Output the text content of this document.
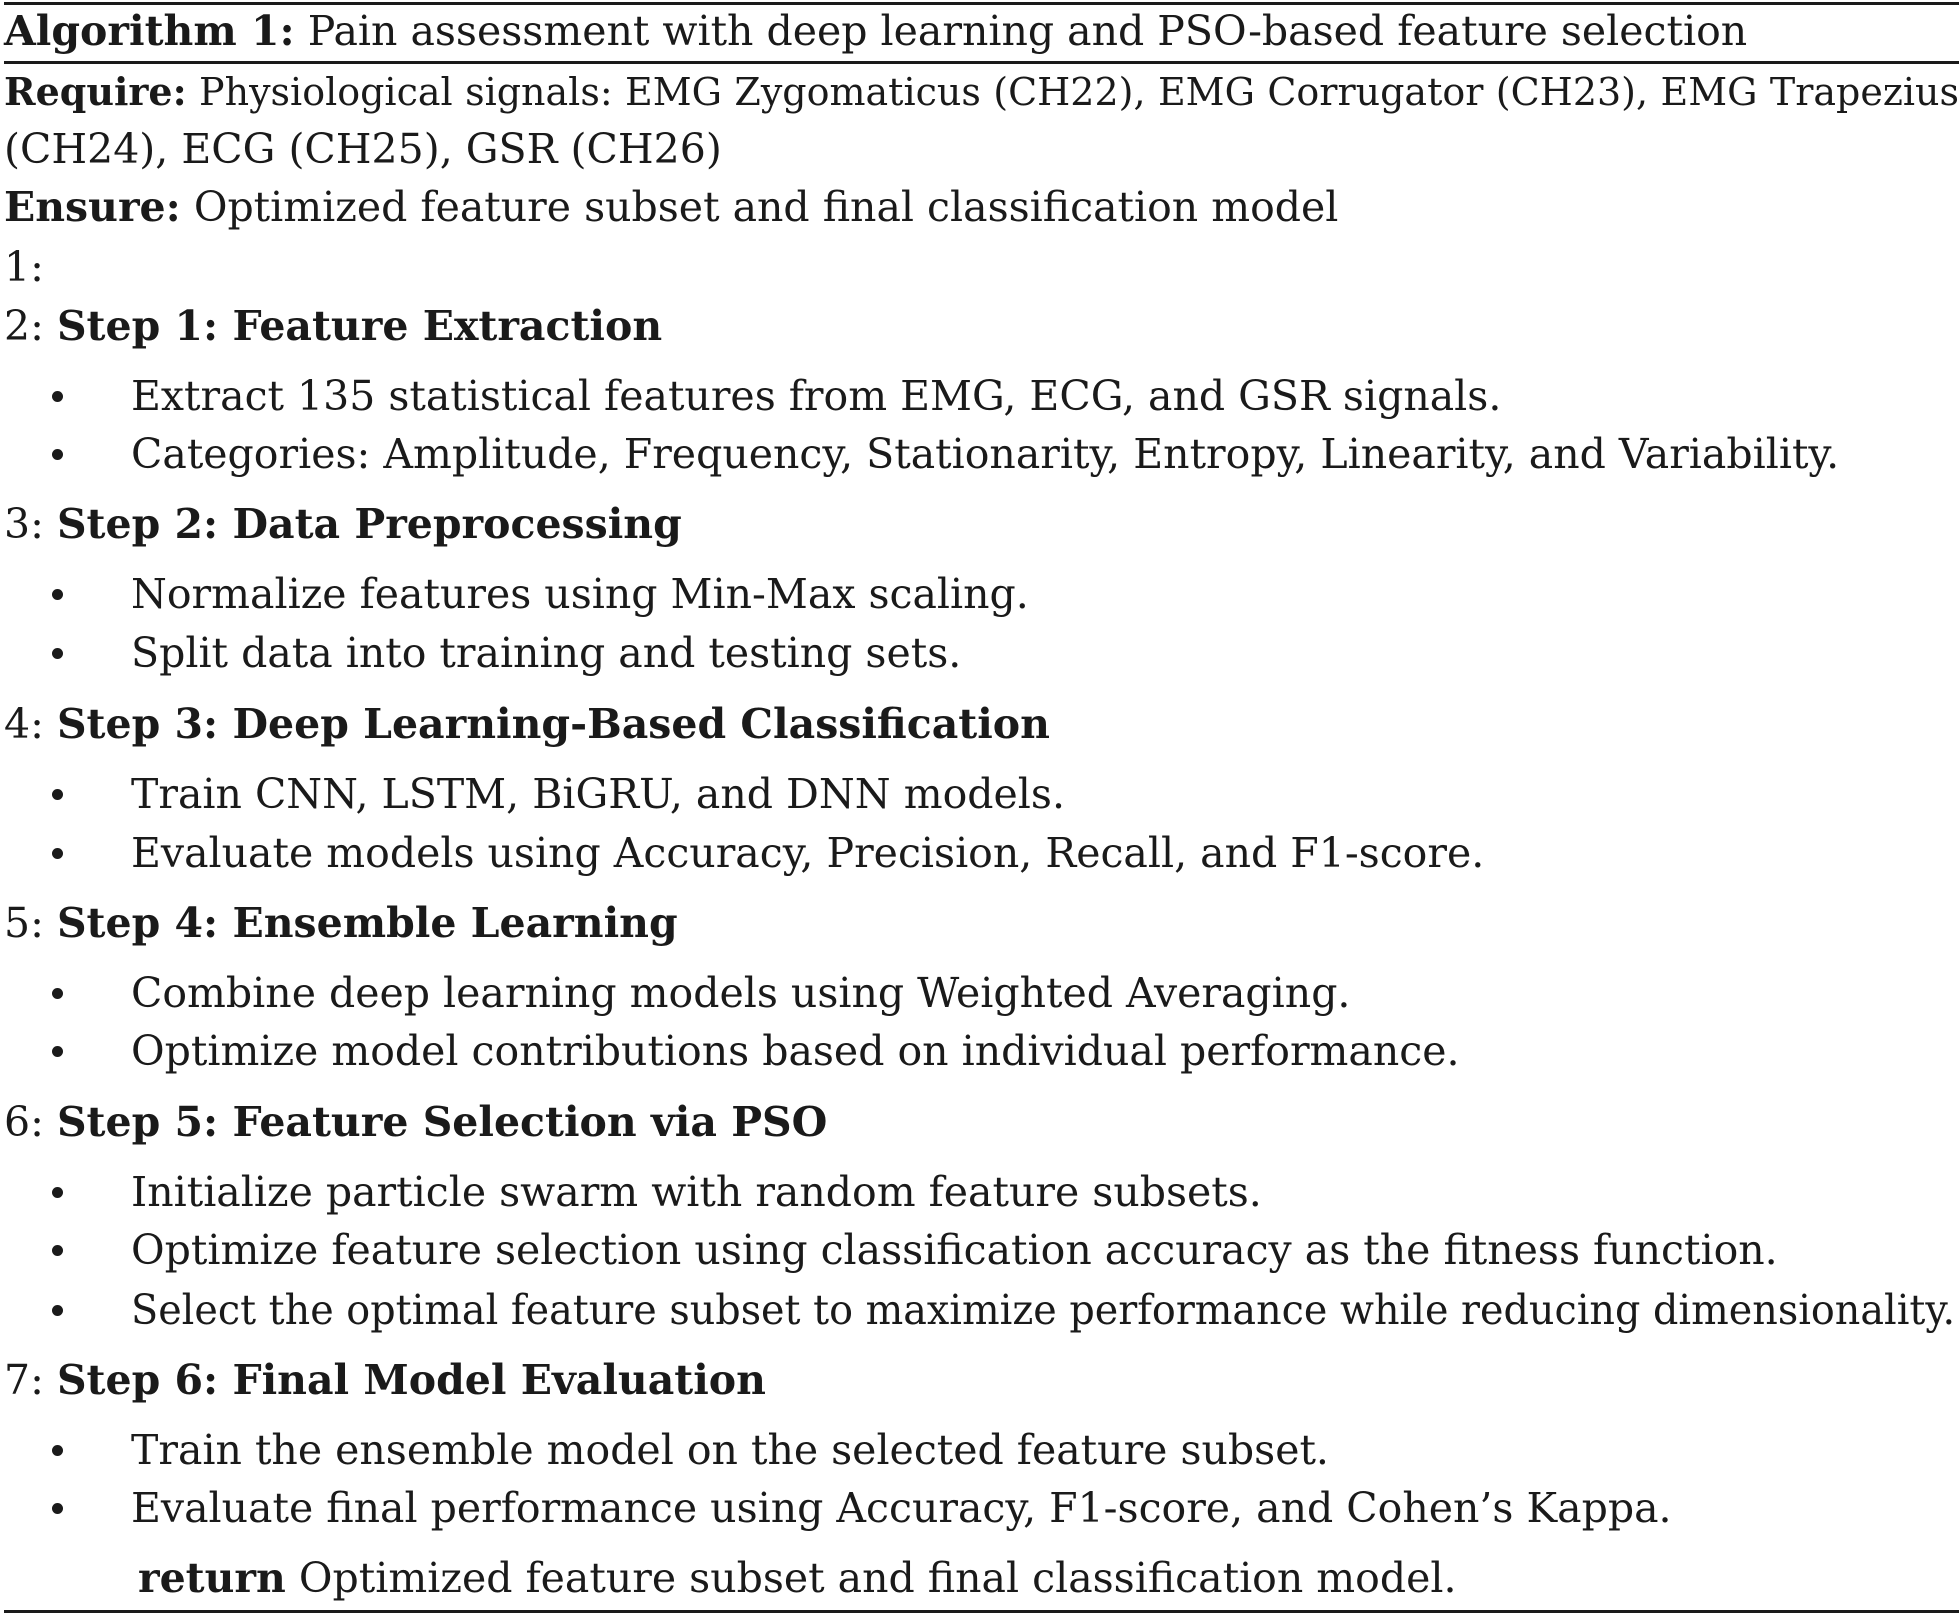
Algorithm 1: Pain assessment with deep learning and PSO-based feature selection
Require: Physiological signals: EMG Zygomaticus (CH22), EMG Corrugator (CH23), EMG Trapezius
(CH24), ECG (CH25), GSR (CH26)
Ensure: Optimized feature subset and final classification model
1:
2: Step 1: Feature Extraction
Extract 135 statistical features from EMG, ECG, and GSR signals.
Categories: Amplitude, Frequency, Stationarity, Entropy, Linearity, and Variability.
3: Step 2: Data Preprocessing
Normalize features using Min-Max scaling.
Split data into training and testing sets.
4: Step 3: Deep Learning-Based Classification
Train CNN, LSTM, BiGRU, and DNN models.
Evaluate models using Accuracy, Precision, Recall, and F1-score.
5: Step 4: Ensemble Learning
Combine deep learning models using Weighted Averaging.
Optimize model contributions based on individual performance.
6: Step 5: Feature Selection via PSO
Initialize particle swarm with random feature subsets.
Optimize feature selection using classification accuracy as the fitness function.
Select the optimal feature subset to maximize performance while reducing dimensionality.
7: Step 6: Final Model Evaluation
Train the ensemble model on the selected feature subset.
Evaluate final performance using Accuracy, F1-score, and Cohen’s Kappa.
return Optimized feature subset and final classification model.
